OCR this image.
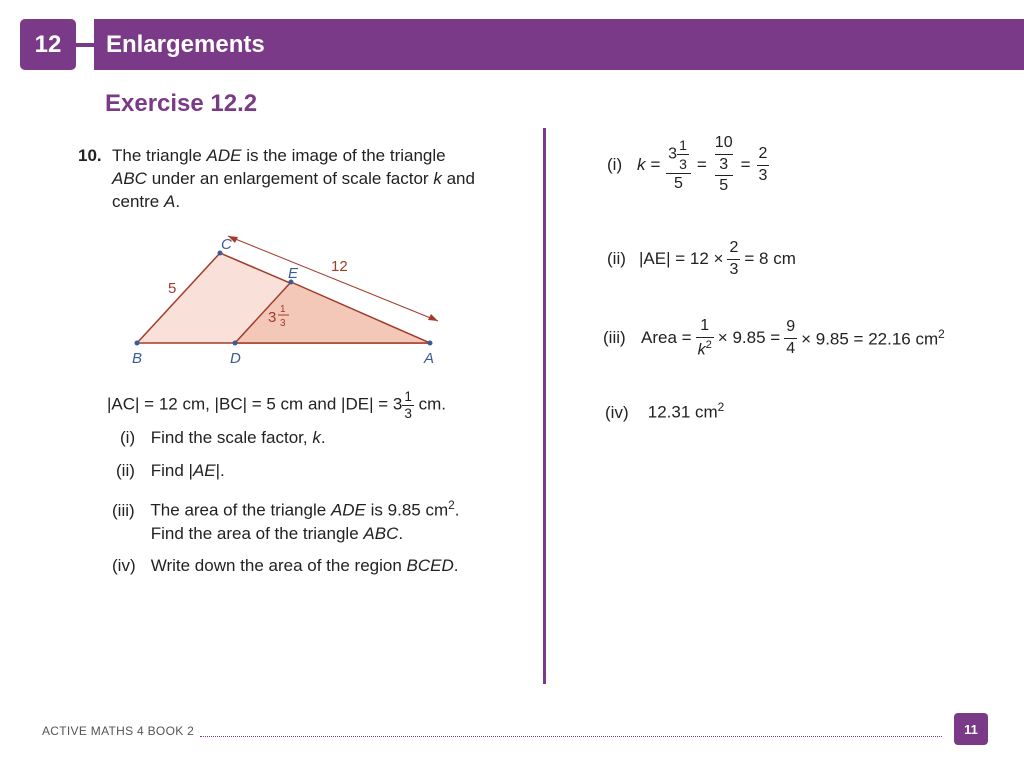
12	Enlargements
Exercise 12.2
10. The triangle ADE is the image of the triangle
ABC under an enlargement of scale factor k and
centre A.
C
E
B	D	A
5
12
3 1
3
|AC| = 12 cm, |BC| = 5 cm and $|DE| = 3 \frac{1}{3}$ cm.
(i) Find the scale factor, k.
(ii) Find |AE|.
(iii) The area of the triangle ADE is 9.85 $cm^2$.
Find the area of the triangle ABC.
(iv) Write down the area of the region BCED.
(i) $k = \frac{3 \frac{1}{3}}{5}$ =
10
3
5
= $\frac{2}{3}$
(ii) $|AE| = 12 \times \frac{2}{3} = 8$ cm
(iii) Area = $\frac{1}{k^2} \times 9.85 = \frac{9}{4} \times 9.85 = 22.16$ $cm^2$
(iv) 12.31 $cm^2$
ACTIVE MATHS 4 BOOK 2	11
